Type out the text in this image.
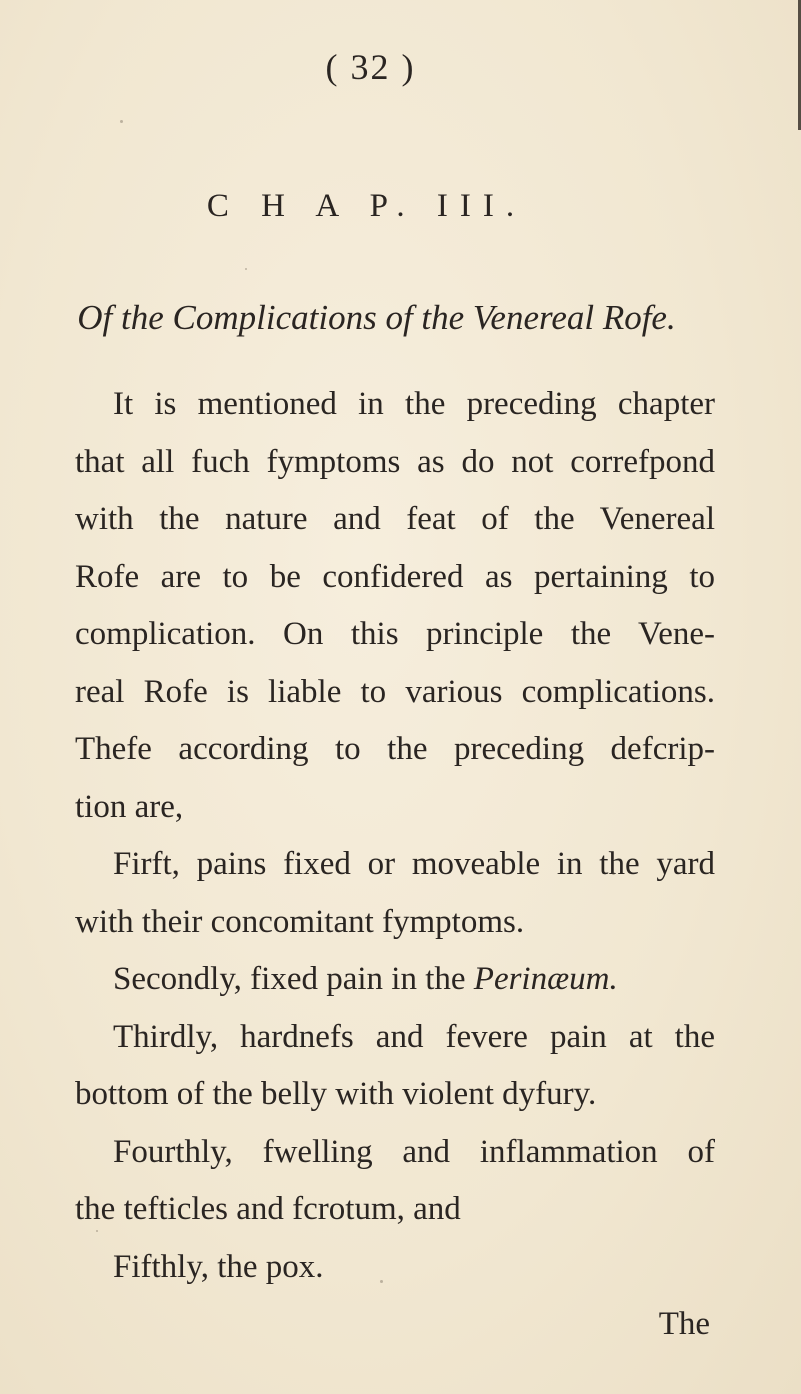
( 32 )
C H A P. III.
Of the Complications of the Venereal Rofe.
It is mentioned in the preceding chapter
that all fuch fymptoms as do not correfpond
with the nature and feat of the Venereal
Rofe are to be confidered as pertaining to
complication. On this principle the Vene-
real Rofe is liable to various complications.
Thefe according to the preceding defcrip-
tion are,
Firft, pains fixed or moveable in the yard
with their concomitant fymptoms.
Secondly, fixed pain in the Perinæum.
Thirdly, hardnefs and fevere pain at the
bottom of the belly with violent dyfury.
Fourthly, fwelling and inflammation of
the tefticles and fcrotum, and
Fifthly, the pox.
The
